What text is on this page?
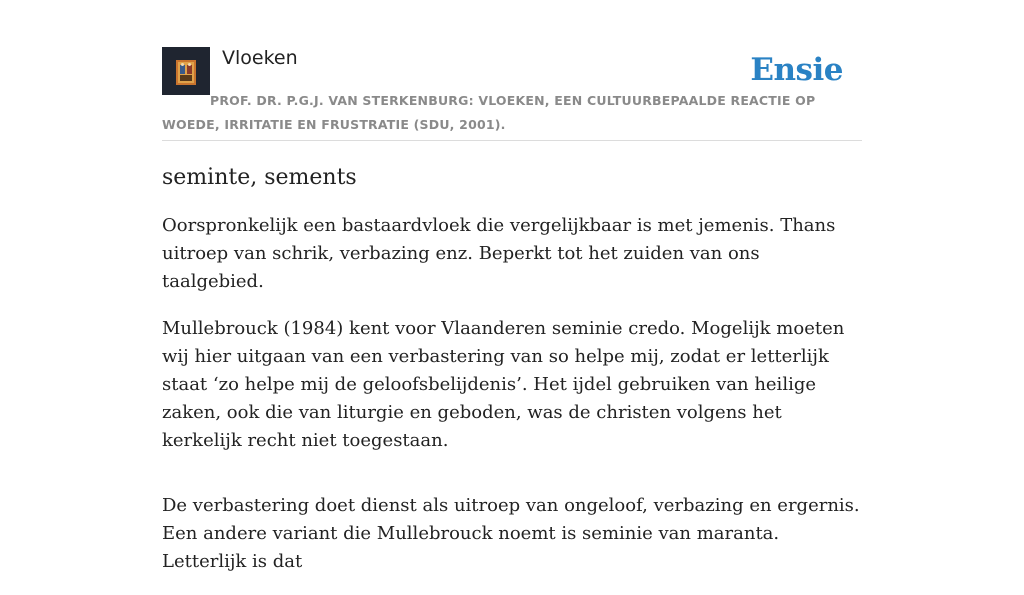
Vloeken	Ensie
PROF. DR. P.G.J. VAN STERKENBURG: VLOEKEN, EEN CULTUURBEPAALDE REACTIE OP WOEDE, IRRITATIE EN FRUSTRATIE (SDU, 2001).
seminte, sements

Oorspronkelijk een bastaardvloek die vergelijkbaar is met jemenis. Thans uitroep van schrik, verbazing enz. Beperkt tot het zuiden van ons taalgebied.

Mullebrouck (1984) kent voor Vlaanderen seminie credo. Mogelijk moeten wij hier uitgaan van een verbastering van so helpe mij, zodat er letterlijk staat ‘zo helpe mij de geloofsbelijdenis’. Het ijdel gebruiken van heilige zaken, ook die van liturgie en geboden, was de christen volgens het kerkelijk recht niet toegestaan.

De verbastering doet dienst als uitroep van ongeloof, verbazing en ergernis. Een andere variant die Mullebrouck noemt is seminie van maranta. Letterlijk is dat
